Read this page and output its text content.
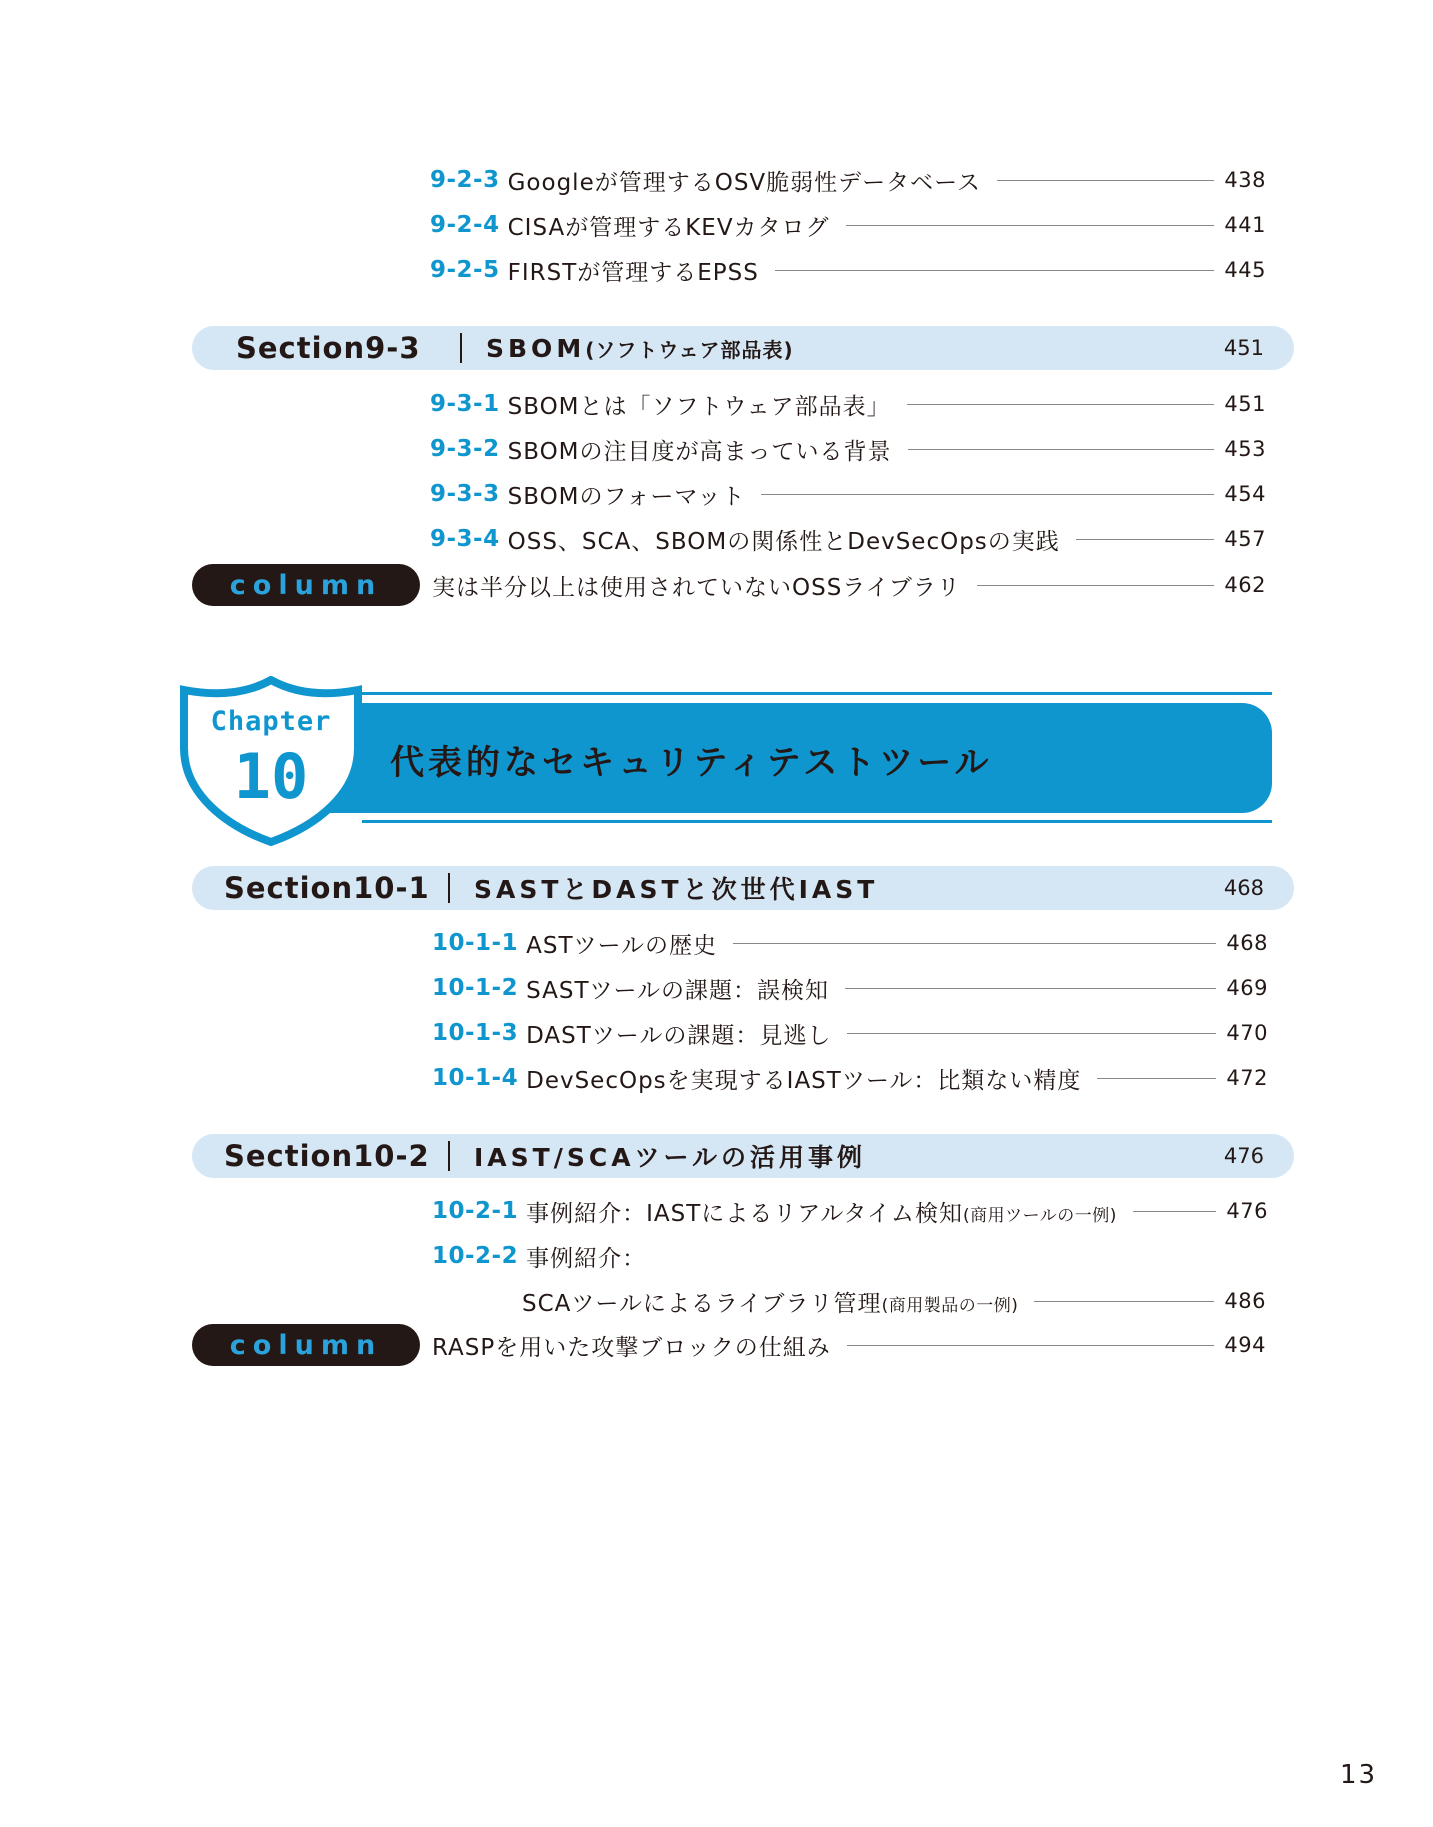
9-2-3 Googleが管理するOSV脆弱性データベース	438
9-2-4 CISAが管理するKEVカタログ	441
9-2-5 FIRSTが管理するEPSS	445
Section9-3	SBOM(ソフトウェア部品表)	451
9-3-1 SBOMとは「ソフトウェア部品表」	451
9-3-2 SBOMの注目度が高まっている背景	453
9-3-3 SBOMのフォーマット	454
9-3-4 OSS、SCA、SBOMの関係性とDevSecOpsの実践	457
column	実は半分以上は使用されていないOSSライブラリ	462
Chapter
10	代表的なセキュリティテストツール
Section10-1	SASTとDASTと次世代IAST	468
10-1-1 ASTツールの歴史	468
10-1-2 SASTツールの課題：誤検知	469
10-1-3 DASTツールの課題：見逃し	470
10-1-4 DevSecOpsを実現するIASTツール：比類ない精度	472
Section10-2	IAST/SCAツールの活用事例	476
10-2-1 事例紹介：IASTによるリアルタイム検知(商用ツールの一例)	476
10-2-2 事例紹介：
SCAツールによるライブラリ管理(商用製品の一例)	486
column	RASPを用いた攻撃ブロックの仕組み	494
13
